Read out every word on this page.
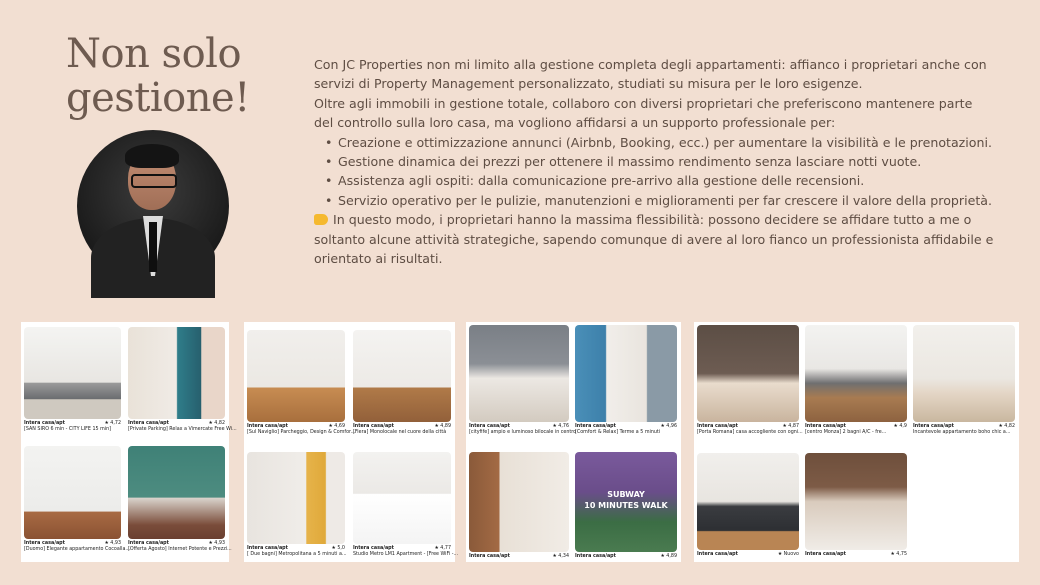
Non solo gestione!

Con JC Properties non mi limito alla gestione completa degli appartamenti: affianco i proprietari anche con servizi di Property Management personalizzato, studiati su misura per le loro esigenze.

Oltre agli immobili in gestione totale, collaboro con diversi proprietari che preferiscono mantenere parte del controllo sulla loro casa, ma vogliono affidarsi a un supporto professionale per:

• Creazione e ottimizzazione annunci (Airbnb, Booking, ecc.) per aumentare la visibilità e le prenotazioni.
• Gestione dinamica dei prezzi per ottenere il massimo rendimento senza lasciare notti vuote.
• Assistenza agli ospiti: dalla comunicazione pre-arrivo alla gestione delle recensioni.
• Servizio operativo per le pulizie, manutenzioni e miglioramenti per far crescere il valore della proprietà.

In questo modo, i proprietari hanno la massima flessibilità: possono decidere se affidare tutto a me o soltanto alcune attività strategiche, sapendo comunque di avere al loro fianco un professionista affidabile e orientato ai risultati.

Intera casa/apt
[SAN SIRO 6 min - CITY LIFE 15 min]
★ 4,72 Intera casa/apt
[Private Parking] Relax a Vimercate Free Wi...
★ 4,82
Intera casa/apt
[Duomo] Elegante appartamento Cocoalla...
★ 4,93 Intera casa/apt
[Offerta Agosto] Internet Potente e Prezzi...
★ 4,93
Intera casa/apt
[Sul Naviglio] Parcheggio, Design & Comfor...
★ 4,69 Intera casa/apt
[Fiera] Monolocale nel cuore della città
★ 4,89
Intera casa/apt
[ Due bagni] Metropolitana a 5 minuti a...
★ 5,0 Intera casa/apt
Studio Metro LM1 Apartment - [Free WiFi -...
★ 4,77
Intera casa/apt
[cityfife] ampio e luminoso bilocale in centro
★ 4,76 Intera casa/apt
[Comfort & Relax] Terme a 5 minuti
★ 4,96
Intera casa/apt	★ 4,34
SUBWAY
10 MINUTES WALK
Intera casa/apt	★ 4,89
Intera casa/apt
[Porta Romana] casa accogliente con ogni...
★ 4,87 Intera casa/apt
[centro Monza] 2 bagni A/C - fre...
★ 4,9 Intera casa/apt
Incantevole appartamento boho chic a...
★ 4,82
Intera casa/apt	★ Nuovo Intera casa/apt	★ 4,75
